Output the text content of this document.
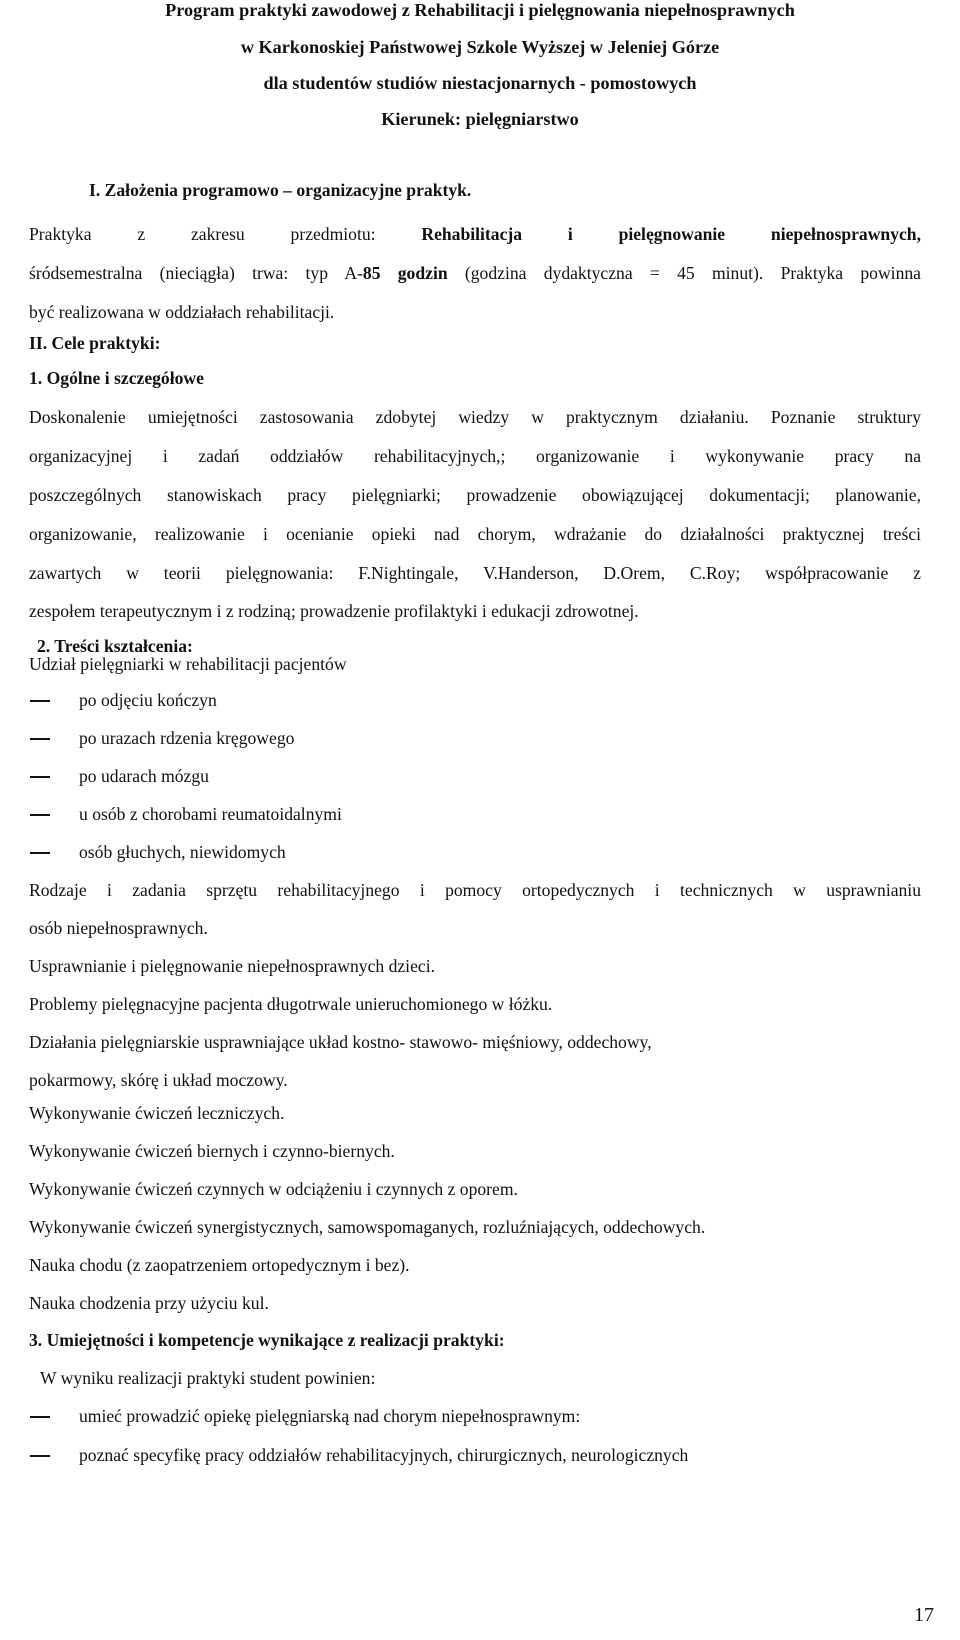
Program praktyki zawodowej z Rehabilitacji i pielęgnowania niepełnosprawnych
w Karkonoskiej Państwowej Szkole Wyższej w Jeleniej Górze
dla studentów studiów niestacjonarnych - pomostowych
Kierunek: pielęgniarstwo
I. Założenia programowo – organizacyjne praktyk.
Praktyka z zakresu przedmiotu: Rehabilitacja i pielęgnowanie niepełnosprawnych,
śródsemestralna (nieciągła) trwa: typ A-85 godzin (godzina dydaktyczna = 45 minut). Praktyka powinna
być realizowana w oddziałach rehabilitacji.
II. Cele praktyki:
1. Ogólne i szczegółowe
Doskonalenie umiejętności zastosowania zdobytej wiedzy w praktycznym działaniu. Poznanie struktury
organizacyjnej i zadań oddziałów rehabilitacyjnych,; organizowanie i wykonywanie pracy na
poszczególnych stanowiskach pracy pielęgniarki; prowadzenie obowiązującej dokumentacji; planowanie,
organizowanie, realizowanie i ocenianie opieki nad chorym, wdrażanie do działalności praktycznej treści
zawartych w teorii pielęgnowania: F.Nightingale, V.Handerson, D.Orem, C.Roy; współpracowanie z
zespołem terapeutycznym i z rodziną; prowadzenie profilaktyki i edukacji zdrowotnej.
2. Treści kształcenia:
Udział pielęgniarki w rehabilitacji pacjentów
po odjęciu kończyn
po urazach rdzenia kręgowego
po udarach mózgu
u osób z chorobami reumatoidalnymi
osób głuchych, niewidomych
Rodzaje i zadania sprzętu rehabilitacyjnego i pomocy ortopedycznych i technicznych w usprawnianiu
osób niepełnosprawnych.
Usprawnianie i pielęgnowanie niepełnosprawnych dzieci.
Problemy pielęgnacyjne pacjenta długotrwale unieruchomionego w łóżku.
Działania pielęgniarskie usprawniające układ kostno- stawowo- mięśniowy, oddechowy,
pokarmowy, skórę i układ moczowy.
Wykonywanie ćwiczeń leczniczych.
Wykonywanie ćwiczeń biernych i czynno-biernych.
Wykonywanie ćwiczeń czynnych w odciążeniu i czynnych z oporem.
Wykonywanie ćwiczeń synergistycznych, samowspomaganych, rozluźniających, oddechowych.
Nauka chodu (z zaopatrzeniem ortopedycznym i bez).
Nauka chodzenia przy użyciu kul.
3. Umiejętności i kompetencje wynikające z realizacji praktyki:
W wyniku realizacji praktyki student powinien:
umieć prowadzić opiekę pielęgniarską nad chorym niepełnosprawnym:
poznać specyfikę pracy oddziałów rehabilitacyjnych, chirurgicznych, neurologicznych
17
